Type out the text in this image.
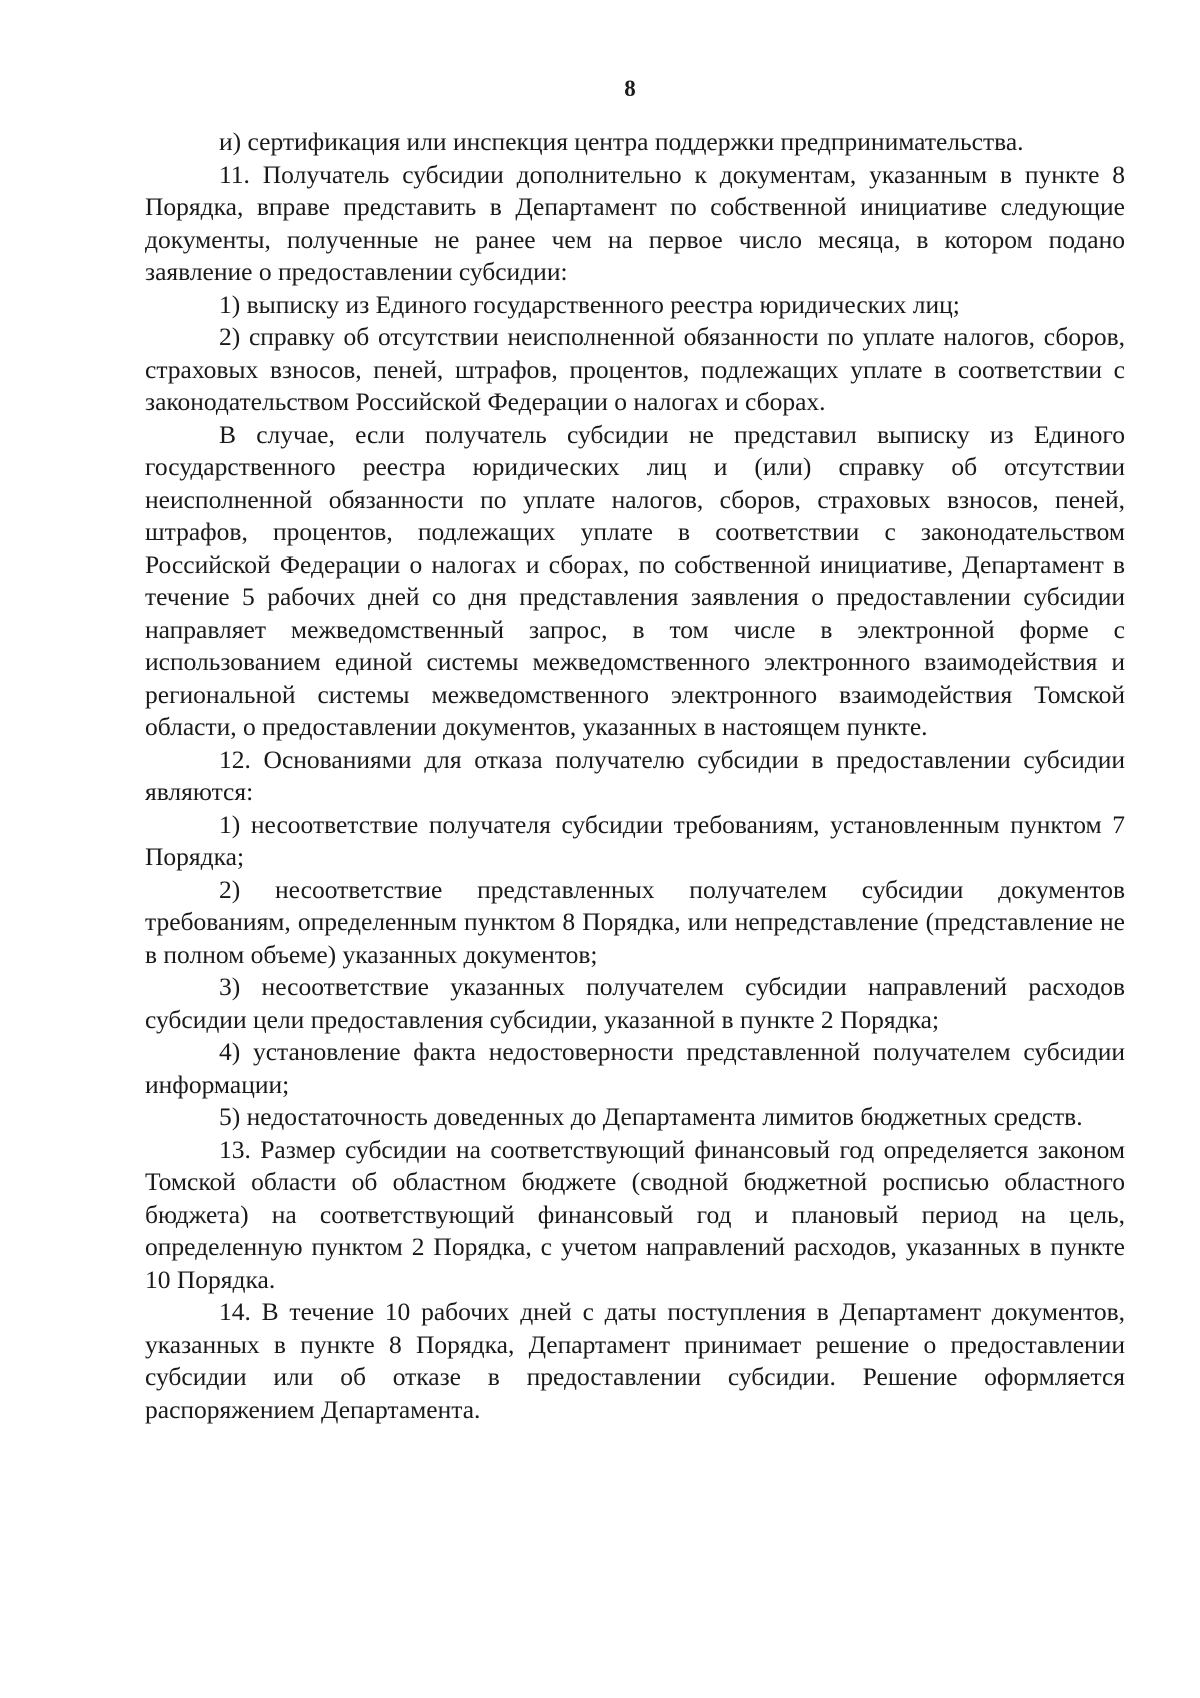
8

и) сертификация или инспекция центра поддержки предпринимательства.

11. Получатель субсидии дополнительно к документам, указанным в пункте 8 Порядка, вправе представить в Департамент по собственной инициативе следующие документы, полученные не ранее чем на первое число месяца, в котором подано заявление о предоставлении субсидии:

1) выписку из Единого государственного реестра юридических лиц;

2) справку об отсутствии неисполненной обязанности по уплате налогов, сборов, страховых взносов, пеней, штрафов, процентов, подлежащих уплате в соответствии с законодательством Российской Федерации о налогах и сборах.

В случае, если получатель субсидии не представил выписку из Единого государственного реестра юридических лиц и (или) справку об отсутствии неисполненной обязанности по уплате налогов, сборов, страховых взносов, пеней, штрафов, процентов, подлежащих уплате в соответствии с законодательством Российской Федерации о налогах и сборах, по собственной инициативе, Департамент в течение 5 рабочих дней со дня представления заявления о предоставлении субсидии направляет межведомственный запрос, в том числе в электронной форме с использованием единой системы межведомственного электронного взаимодействия и региональной системы межведомственного электронного взаимодействия Томской области, о предоставлении документов, указанных в настоящем пункте.

12. Основаниями для отказа получателю субсидии в предоставлении субсидии являются:

1) несоответствие получателя субсидии требованиям, установленным пунктом 7 Порядка;

2) несоответствие представленных получателем субсидии документов требованиям, определенным пунктом 8 Порядка, или непредставление (представление не в полном объеме) указанных документов;

3) несоответствие указанных получателем субсидии направлений расходов субсидии цели предоставления субсидии, указанной в пункте 2 Порядка;

4) установление факта недостоверности представленной получателем субсидии информации;

5) недостаточность доведенных до Департамента лимитов бюджетных средств.

13. Размер субсидии на соответствующий финансовый год определяется законом Томской области об областном бюджете (сводной бюджетной росписью областного бюджета) на соответствующий финансовый год и плановый период на цель, определенную пунктом 2 Порядка, с учетом направлений расходов, указанных в пункте 10 Порядка.

14. В течение 10 рабочих дней с даты поступления в Департамент документов, указанных в пункте 8 Порядка, Департамент принимает решение о предоставлении субсидии или об отказе в предоставлении субсидии. Решение оформляется распоряжением Департамента.
